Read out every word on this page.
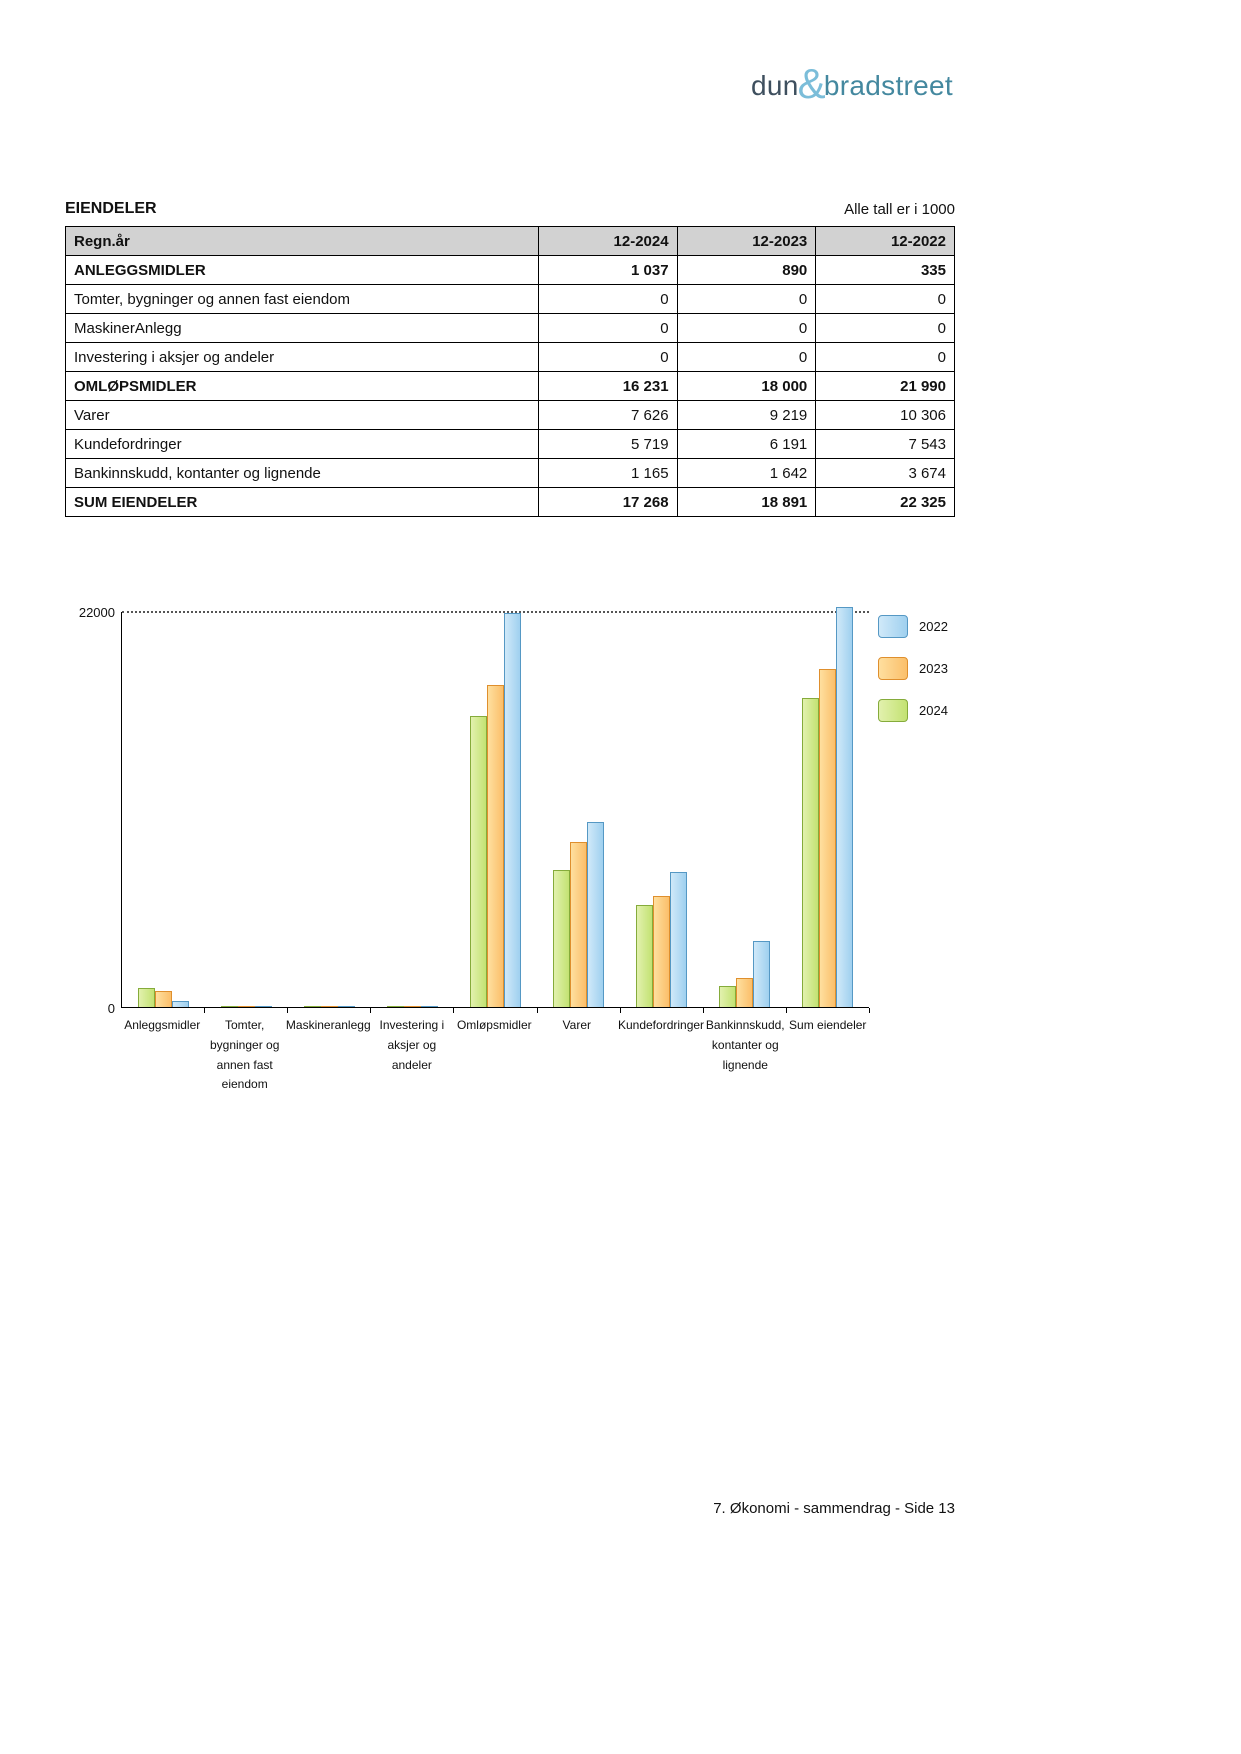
dun &
bradstreet
EIENDELER	Alle tall er i 1000
Regn.år	12-2024	12-2023	12-2022
ANLEGGSMIDLER	1 037	890	335
Tomter, bygninger og annen fast eiendom	0	0	0
MaskinerAnlegg	0	0	0
Investering i aksjer og andeler	0	0	0
OMLØPSMIDLER	16 231	18 000	21 990
Varer	7 626	9 219	10 306
Kundefordringer	5 719	6 191	7 543
Bankinnskudd, kontanter og lignende	1 165	1 642	3 674
SUM EIENDELER	17 268	18 891	22 325
22000
0
Anleggsmidler	Tomter, bygninger og annen fast eiendom
Maskineranlegg Investering i aksjer og andeler
Omløpsmidler	Varer	Kundefordringer Bankinnskudd, kontanter og lignende
Sum eiendeler
2022
2023
2024
7. Økonomi - sammendrag - Side 13
